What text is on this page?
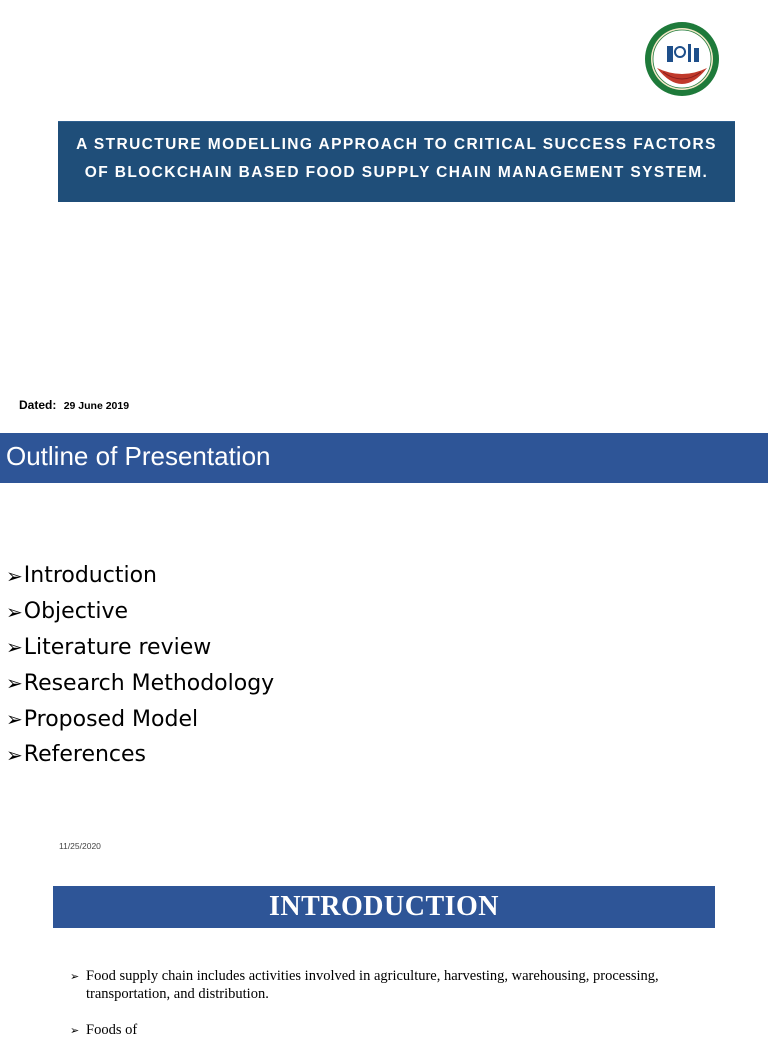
A STRUCTURE MODELLING APPROACH TO CRITICAL SUCCESS FACTORS
OF BLOCKCHAIN BASED FOOD SUPPLY CHAIN MANAGEMENT SYSTEM.
Dated: 29 June 2019
Outline of Presentation
➢ Introduction
➢ Objective
➢ Literature review
➢ Research Methodology
➢ Proposed Model
➢ References
11/25/2020
INTRODUCTION
➢ Food supply chain includes activities involved in agriculture, harvesting, warehousing, processing, transportation, and distribution.
➢ Foods of
